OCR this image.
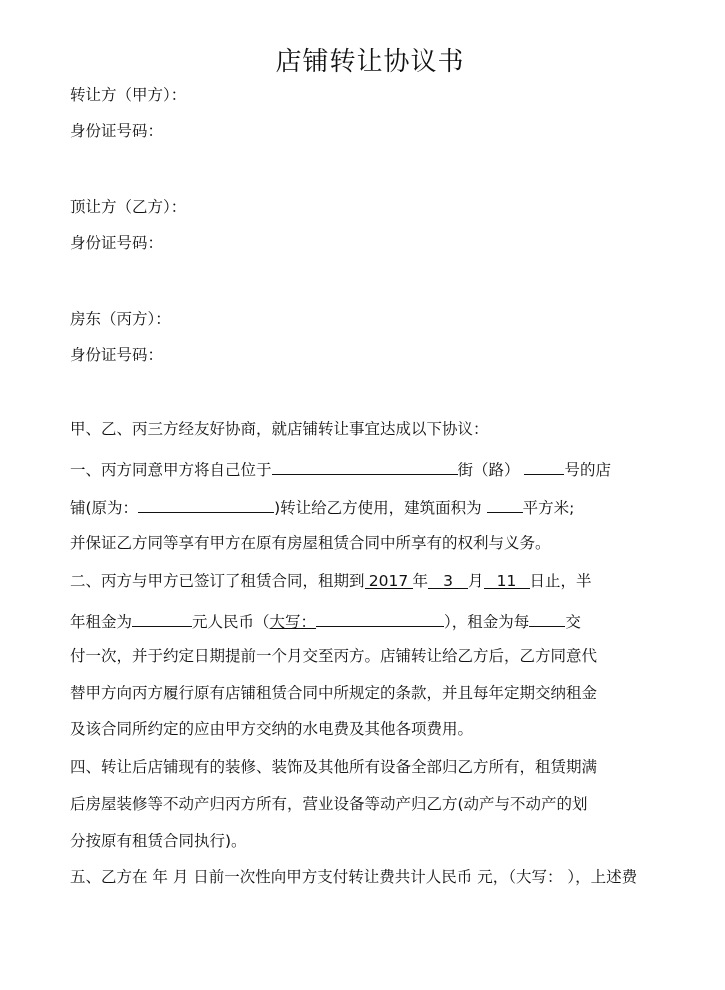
店铺转让协议书
转让方（甲方）：
身份证号码：
顶让方（乙方）：
身份证号码：
房东（丙方）：
身份证号码：
甲、乙、丙三方经友好协商，就店铺转让事宜达成以下协议：
一、丙方同意甲方将自己位于	街（路）	号的店
铺(原为：	)转让给乙方使用，建筑面积为	平方米;
并保证乙方同等享有甲方在原有房屋租赁合同中所享有的权利与义务。
二、丙方与甲方已签订了租赁合同，租期到 2017 年 3 月 11 日止，半
年租金为	元人民币（大写：	），租金为每 交
付一次，并于约定日期提前一个月交至丙方。店铺转让给乙方后，乙方同意代
替甲方向丙方履行原有店铺租赁合同中所规定的条款，并且每年定期交纳租金
及该合同所约定的应由甲方交纳的水电费及其他各项费用。
四、转让后店铺现有的装修、装饰及其他所有设备全部归乙方所有，租赁期满
后房屋装修等不动产归丙方所有，营业设备等动产归乙方(动产与不动产的划
分按原有租赁合同执行)。
五、乙方在 年 月 日前一次性向甲方支付转让费共计人民币 元，（大写： ），上述费
